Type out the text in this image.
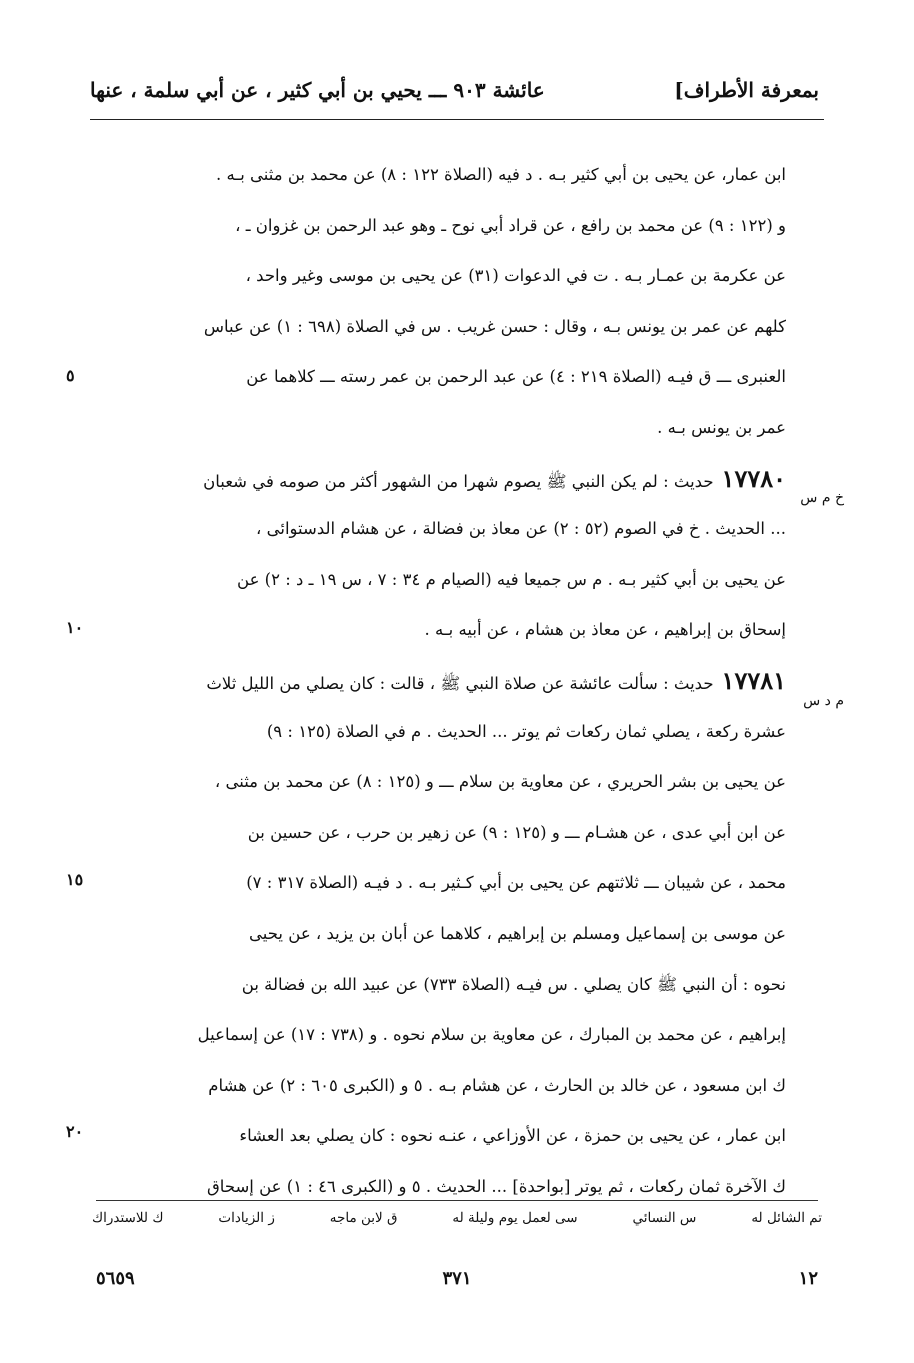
بمعرفة الأطراف]
عائشة ٩٠٣ ـــ يحيي بن أبي كثير ، عن أبي سلمة ، عنها
ابن عمار، عن يحيى بن أبي كثير بـه . د فيه (الصلاة ١٢٢ : ٨) عن محمد بن مثنى بـه .
و (١٢٢ : ٩) عن محمد بن رافع ، عن قراد أبي نوح ـ وهو عبد الرحمن بن غزوان ـ ،
عن عكرمة بن عمـار بـه . ت في الدعوات (٣١) عن يحيى بن موسى وغير واحد ،
كلهم عن عمر بن يونس بـه ، وقال : حسن غريب . س في الصلاة (٦٩٨ : ١) عن عباس
العنبرى ـــ ق فيـه (الصلاة ٢١٩ : ٤) عن عبد الرحمن بن عمر رسته ـــ كلاهما عن
عمر بن يونس بـه .
١٧٧٨٠حديث : لم يكن النبي ﷺ يصوم شهرا من الشهور أكثر من صومه في شعبان
... الحديث . خ في الصوم (٥٢ : ٢) عن معاذ بن فضالة ، عن هشام الدستوائى ،
عن يحيى بن أبي كثير بـه . م س جميعا فيه (الصيام م ٣٤ : ٧ ، س ١٩ ـ د : ٢) عن
إسحاق بن إبراهيم ، عن معاذ بن هشام ، عن أبيه بـه .
١٧٧٨١حديث : سألت عائشة عن صلاة النبي ﷺ ، قالت : كان يصلي من الليل ثلاث
عشرة ركعة ، يصلي ثمان ركعات ثم يوتر ... الحديث . م في الصلاة (١٢٥ : ٩)
عن يحيى بن بشر الحريري ، عن معاوية بن سلام ـــ و (١٢٥ : ٨) عن محمد بن مثنى ،
عن ابن أبي عدى ، عن هشـام ـــ و (١٢٥ : ٩) عن زهير بن حرب ، عن حسين بن
محمد ، عن شيبان ـــ ثلاثتهم عن يحيى بن أبي كـثير بـه . د فيـه (الصلاة ٣١٧ : ٧)
عن موسى بن إسماعيل ومسلم بن إبراهيم ، كلاهما عن أبان بن يزيد ، عن يحيى
نحوه : أن النبي ﷺ كان يصلي . س فيـه (الصلاة ٧٣٣) عن عبيد الله بن فضالة بن
إبراهيم ، عن محمد بن المبارك ، عن معاوية بن سلام نحوه . و (٧٣٨ : ١٧) عن إسماعيل
ك ابن مسعود ، عن خالد بن الحارث ، عن هشام بـه . ٥ و (الكبرى ٦٠٥ : ٢) عن هشام
ابن عمار ، عن يحيى بن حمزة ، عن الأوزاعي ، عنـه نحوه : كان يصلي بعد العشاء
ك الآخرة ثمان ركعات ، ثم يوتر [بواحدة] ... الحديث . ٥ و (الكبرى ٤٦ : ١) عن إسحاق
خ م س
م د س
٥
١٠
١٥
٢٠
تم الشائل له
س النسائي
سى لعمل يوم وليلة له
ق لابن ماجه
ز الزيادات
ك للاستدراك
١٢
٣٧١
٥٦٥٩
